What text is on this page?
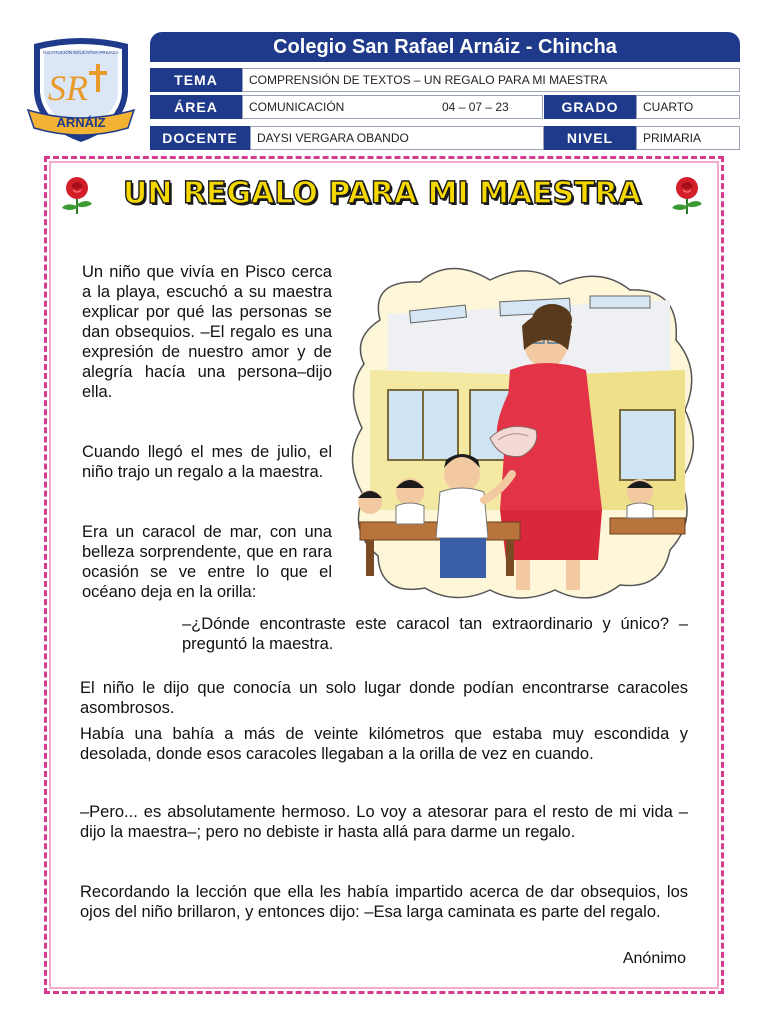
INSTITUCIÓN EDUCATIVA PRIVADA
SR
ARNÁIZ
Colegio San Rafael Arnáiz - Chincha
TEMA	COMPRENSIÓN DE TEXTOS – UN REGALO PARA MI MAESTRA
ÁREA	COMUNICACIÓN	04 – 07 – 23	GRADO	CUARTO
DOCENTE	DAYSI VERGARA OBANDO	NIVEL	PRIMARIA
UN REGALO PARA MI MAESTRA

Un niño que vivía en Pisco cerca a la playa, escuchó a su maestra explicar por qué las personas se dan obsequios. –El regalo es una expresión de nuestro amor y de alegría hacía una persona–dijo ella.

Cuando llegó el mes de julio, el niño trajo un regalo a la maestra.

Era un caracol de mar, con una belleza sorprendente, que en rara ocasión se ve entre lo que el océano deja en la orilla:

–¿Dónde encontraste este caracol tan extraordinario y único? –preguntó la maestra.

El niño le dijo que conocía un solo lugar donde podían encontrarse caracoles asombrosos.

Había una bahía a más de veinte kilómetros que estaba muy escondida y desolada, donde esos caracoles llegaban a la orilla de vez en cuando.

–Pero... es absolutamente hermoso. Lo voy a atesorar para el resto de mi vida –dijo la maestra–; pero no debiste ir hasta allá para darme un regalo.

Recordando la lección que ella les había impartido acerca de dar obsequios, los ojos del niño brillaron, y entonces dijo: –Esa larga caminata es parte del regalo.

Anónimo
